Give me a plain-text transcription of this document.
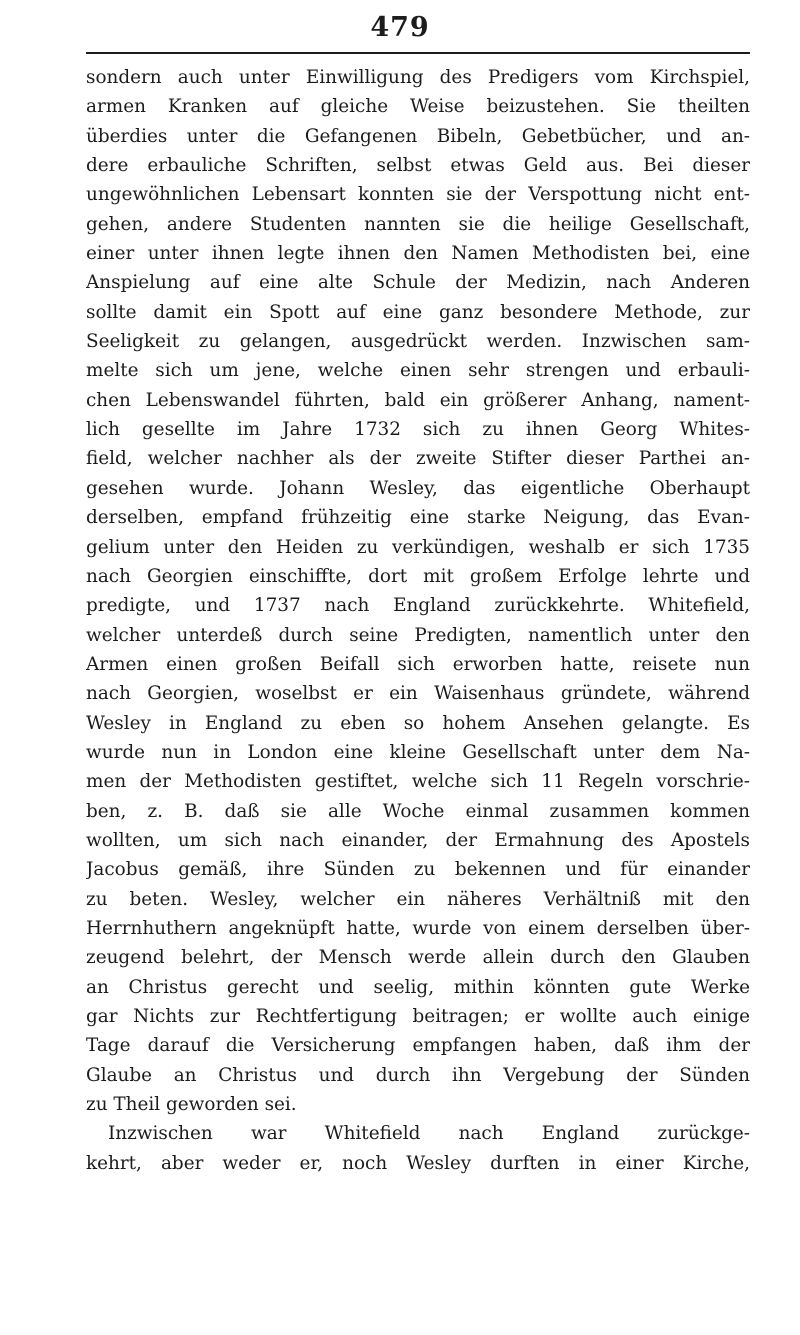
479
sondern auch unter Einwilligung des Predigers vom Kirchspiel,
armen Kranken auf gleiche Weise beizustehen. Sie theilten
überdies unter die Gefangenen Bibeln, Gebetbücher, und an-
dere erbauliche Schriften, selbst etwas Geld aus. Bei dieser
ungewöhnlichen Lebensart konnten sie der Verspottung nicht ent-
gehen, andere Studenten nannten sie die heilige Gesellschaft,
einer unter ihnen legte ihnen den Namen Methodisten bei, eine
Anspielung auf eine alte Schule der Medizin, nach Anderen
sollte damit ein Spott auf eine ganz besondere Methode, zur
Seeligkeit zu gelangen, ausgedrückt werden. Inzwischen sam-
melte sich um jene, welche einen sehr strengen und erbauli-
chen Lebenswandel führten, bald ein größerer Anhang, nament-
lich gesellte im Jahre 1732 sich zu ihnen Georg Whites-
field, welcher nachher als der zweite Stifter dieser Parthei an-
gesehen wurde. Johann Wesley, das eigentliche Oberhaupt
derselben, empfand frühzeitig eine starke Neigung, das Evan-
gelium unter den Heiden zu verkündigen, weshalb er sich 1735
nach Georgien einschiffte, dort mit großem Erfolge lehrte und
predigte, und 1737 nach England zurückkehrte. Whitefield,
welcher unterdeß durch seine Predigten, namentlich unter den
Armen einen großen Beifall sich erworben hatte, reisete nun
nach Georgien, woselbst er ein Waisenhaus gründete, während
Wesley in England zu eben so hohem Ansehen gelangte. Es
wurde nun in London eine kleine Gesellschaft unter dem Na-
men der Methodisten gestiftet, welche sich 11 Regeln vorschrie-
ben, z. B. daß sie alle Woche einmal zusammen kommen
wollten, um sich nach einander, der Ermahnung des Apostels
Jacobus gemäß, ihre Sünden zu bekennen und für einander
zu beten. Wesley, welcher ein näheres Verhältniß mit den
Herrnhuthern angeknüpft hatte, wurde von einem derselben über-
zeugend belehrt, der Mensch werde allein durch den Glauben
an Christus gerecht und seelig, mithin könnten gute Werke
gar Nichts zur Rechtfertigung beitragen; er wollte auch einige
Tage darauf die Versicherung empfangen haben, daß ihm der
Glaube an Christus und durch ihn Vergebung der Sünden
zu Theil geworden sei.
Inzwischen war Whitefield nach England zurückge-
kehrt, aber weder er, noch Wesley durften in einer Kirche,
